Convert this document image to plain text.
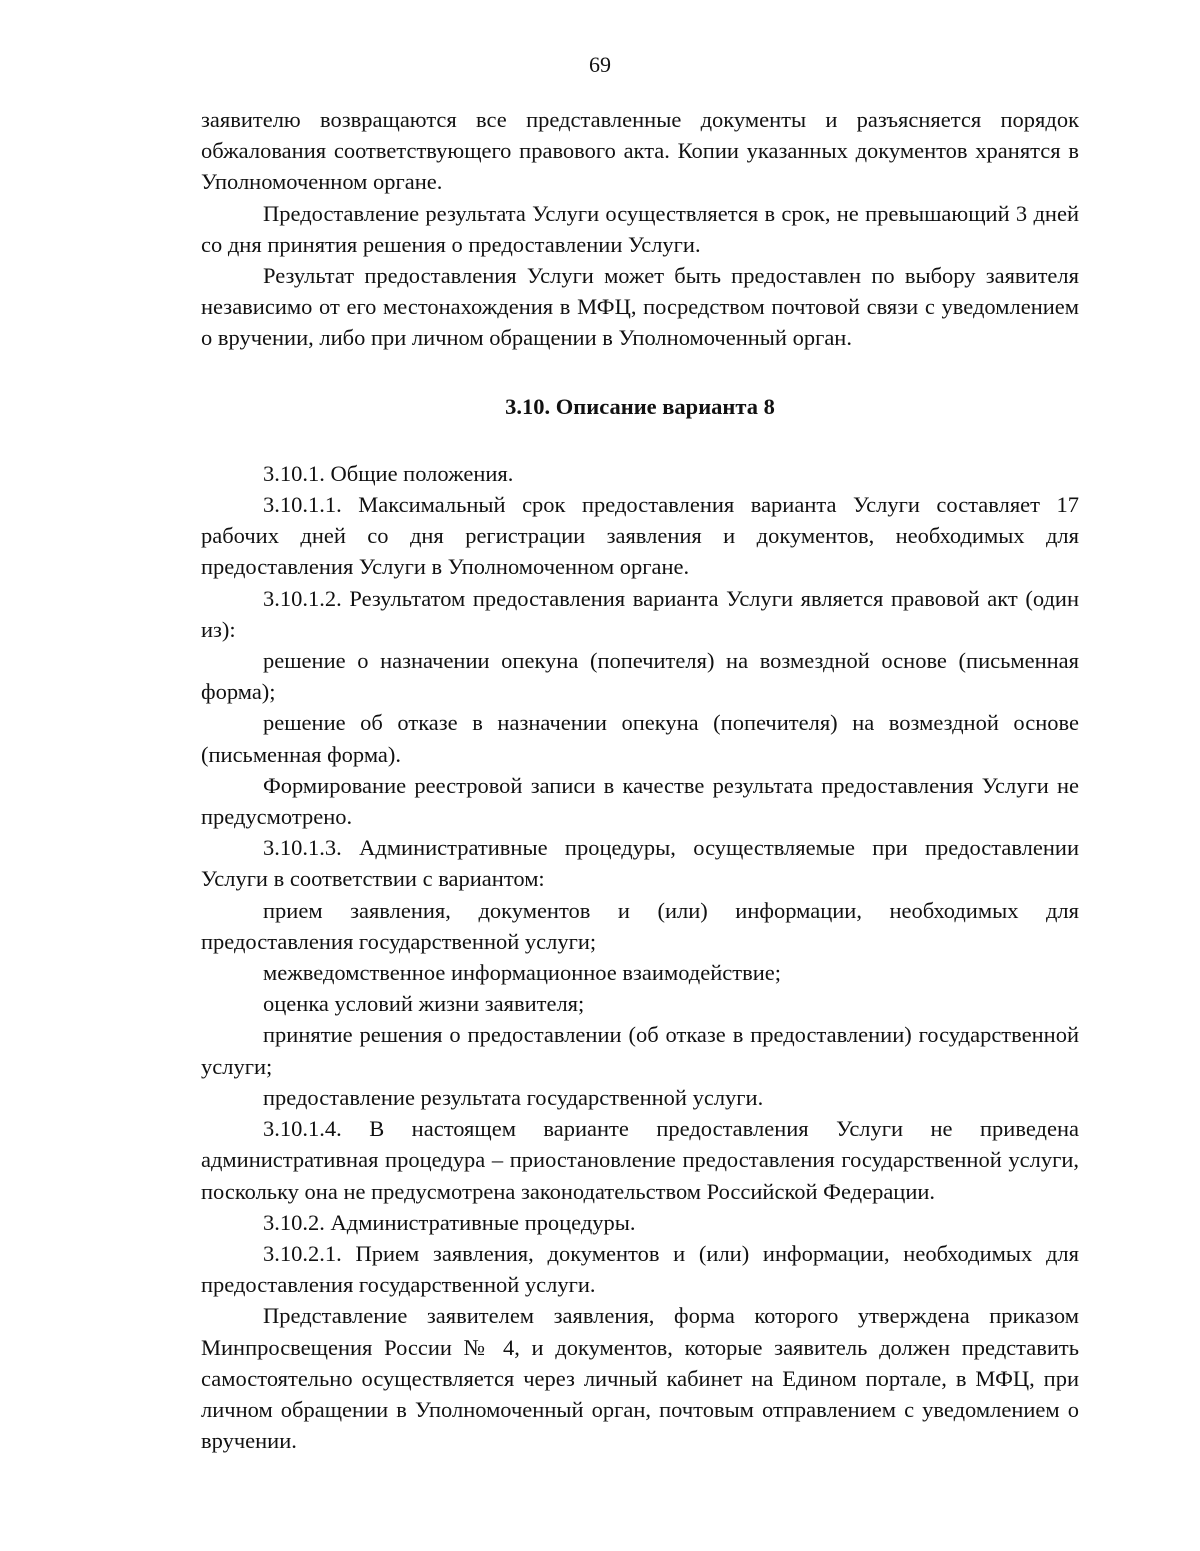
69

заявителю возвращаются все представленные документы и разъясняется порядок обжалования соответствующего правового акта. Копии указанных документов хранятся в Уполномоченном органе.

Предоставление результата Услуги осуществляется в срок, не превышающий 3 дней со дня принятия решения о предоставлении Услуги.

Результат предоставления Услуги может быть предоставлен по выбору заявителя независимо от его местонахождения в МФЦ, посредством почтовой связи с уведомлением о вручении, либо при личном обращении в Уполномоченный орган.

3.10. Описание варианта 8

3.10.1. Общие положения.

3.10.1.1. Максимальный срок предоставления варианта Услуги составляет 17 рабочих дней со дня регистрации заявления и документов, необходимых для предоставления Услуги в Уполномоченном органе.

3.10.1.2. Результатом предоставления варианта Услуги является правовой акт (один из):

решение о назначении опекуна (попечителя) на возмездной основе (письменная форма);

решение об отказе в назначении опекуна (попечителя) на возмездной основе (письменная форма).

Формирование реестровой записи в качестве результата предоставления Услуги не предусмотрено.

3.10.1.3. Административные процедуры, осуществляемые при предоставлении Услуги в соответствии с вариантом:

прием заявления, документов и (или) информации, необходимых для предоставления государственной услуги;

межведомственное информационное взаимодействие;

оценка условий жизни заявителя;

принятие решения о предоставлении (об отказе в предоставлении) государственной услуги;

предоставление результата государственной услуги.

3.10.1.4. В настоящем варианте предоставления Услуги не приведена административная процедура – приостановление предоставления государственной услуги, поскольку она не предусмотрена законодательством Российской Федерации.

3.10.2. Административные процедуры.

3.10.2.1. Прием заявления, документов и (или) информации, необходимых для предоставления государственной услуги.

Представление заявителем заявления, форма которого утверждена приказом Минпросвещения России № 4, и документов, которые заявитель должен представить самостоятельно осуществляется через личный кабинет на Едином портале, в МФЦ, при личном обращении в Уполномоченный орган, почтовым отправлением с уведомлением о вручении.
